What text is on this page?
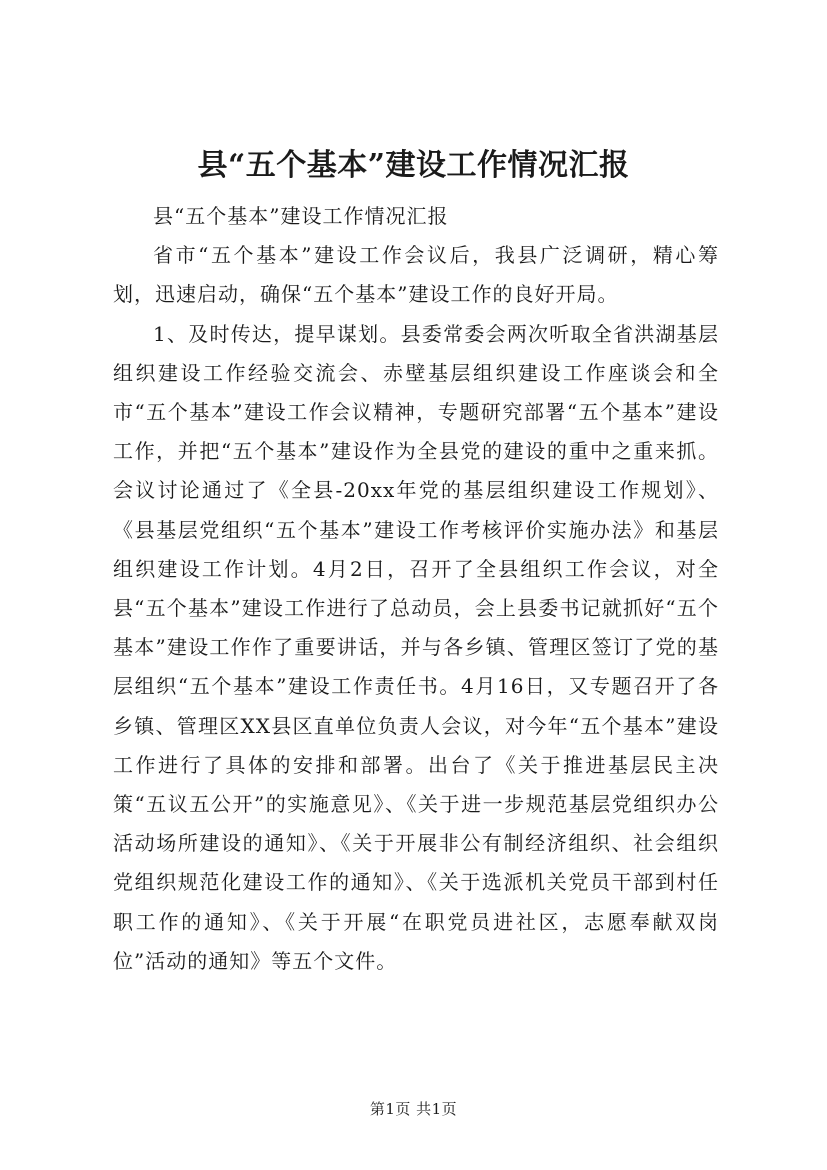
县“五个基本”建设工作情况汇报

县“五个基本”建设工作情况汇报

省市“五个基本”建设工作会议后，我县广泛调研，精心筹划，迅速启动，确保“五个基本”建设工作的良好开局。

1、及时传达，提早谋划。县委常委会两次听取全省洪湖基层组织建设工作经验交流会、赤壁基层组织建设工作座谈会和全市“五个基本”建设工作会议精神，专题研究部署“五个基本”建设工作，并把“五个基本”建设作为全县党的建设的重中之重来抓。会议讨论通过了《全县-20xx年党的基层组织建设工作规划》、《县基层党组织“五个基本”建设工作考核评价实施办法》和基层组织建设工作计划。4月2日，召开了全县组织工作会议，对全县“五个基本”建设工作进行了总动员，会上县委书记就抓好“五个基本”建设工作作了重要讲话，并与各乡镇、管理区签订了党的基层组织“五个基本”建设工作责任书。4月16日，又专题召开了各乡镇、管理区XX县区直单位负责人会议，对今年“五个基本”建设工作进行了具体的安排和部署。出台了《关于推进基层民主决策“五议五公开”的实施意见》、《关于进一步规范基层党组织办公活动场所建设的通知》、《关于开展非公有制经济组织、社会组织党组织规范化建设工作的通知》、《关于选派机关党员干部到村任职工作的通知》、《关于开展“在职党员进社区，志愿奉献双岗位”活动的通知》等五个文件。

第1页 共1页
